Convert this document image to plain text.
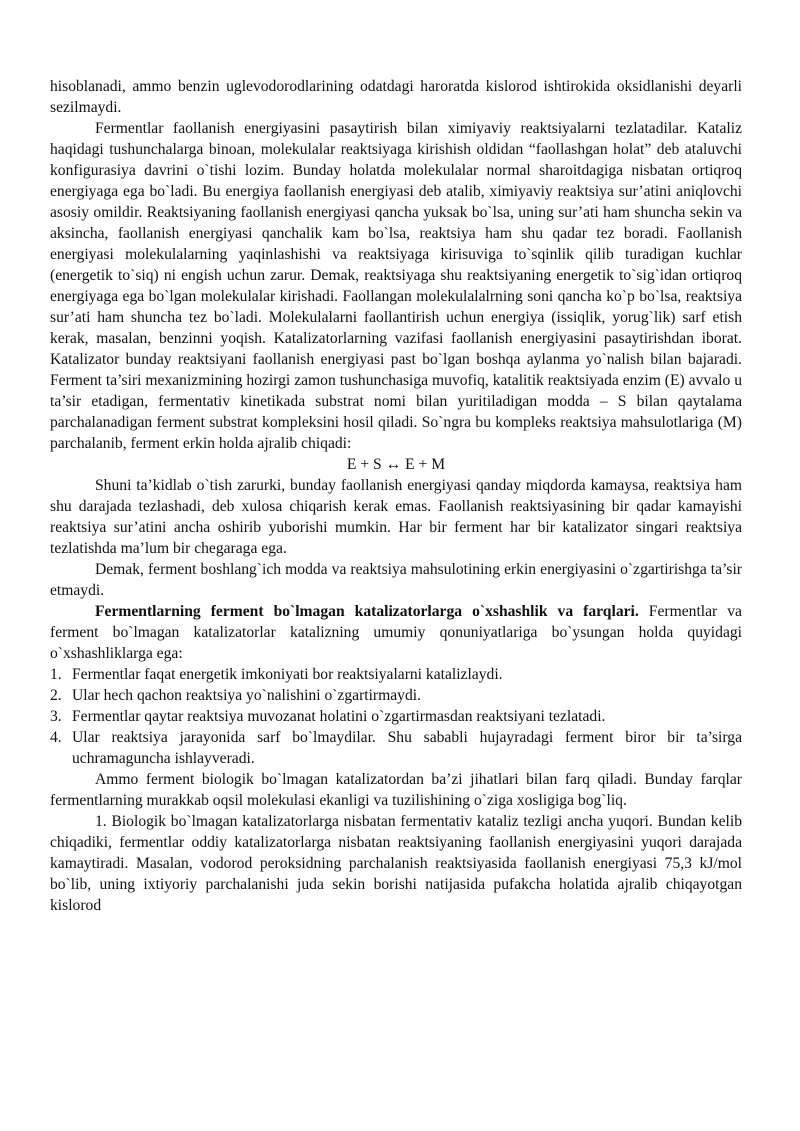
hisoblanadi, ammo benzin uglevodorodlarining odatdagi haroratda kislorod ishtirokida oksidlanishi deyarli sezilmaydi.

Fermentlar faollanish energiyasini pasaytirish bilan ximiyaviy reaktsiyalarni tezlatadilar. Kataliz haqidagi tushunchalarga binoan, molekulalar reaktsiyaga kirishish oldidan “faollashgan holat” deb ataluvchi konfigurasiya davrini o`tishi lozim. Bunday holatda molekulalar normal sharoitdagiga nisbatan ortiqroq energiyaga ega bo`ladi. Bu energiya faollanish energiyasi deb atalib, ximiyaviy reaktsiya sur’atini aniqlovchi asosiy omildir. Reaktsiyaning faollanish energiyasi qancha yuksak bo`lsa, uning sur’ati ham shuncha sekin va aksincha, faollanish energiyasi qanchalik kam bo`lsa, reaktsiya ham shu qadar tez boradi. Faollanish energiyasi molekulalarning yaqinlashishi va reaktsiyaga kirisuviga to`sqinlik qilib turadigan kuchlar (energetik to`siq) ni engish uchun zarur. Demak, reaktsiyaga shu reaktsiyaning energetik to`sig`idan ortiqroq energiyaga ega bo`lgan molekulalar kirishadi. Faollangan molekulalalrning soni qancha ko`p bo`lsa, reaktsiya sur’ati ham shuncha tez bo`ladi. Molekulalarni faollantirish uchun energiya (issiqlik, yorug`lik) sarf etish kerak, masalan, benzinni yoqish. Katalizatorlarning vazifasi faollanish energiyasini pasaytirishdan iborat. Katalizator bunday reaktsiyani faollanish energiyasi past bo`lgan boshqa aylanma yo`nalish bilan bajaradi. Ferment ta’siri mexanizmining hozirgi zamon tushunchasiga muvofiq, katalitik reaktsiyada enzim (E) avvalo u ta’sir etadigan, fermentativ kinetikada substrat nomi bilan yuritiladigan modda – S bilan qaytalama parchalanadigan ferment substrat kompleksini hosil qiladi. So`ngra bu kompleks reaktsiya mahsulotlariga (M) parchalanib, ferment erkin holda ajralib chiqadi:

E + S ↔ E + M

Shuni ta’kidlab o`tish zarurki, bunday faollanish energiyasi qanday miqdorda kamaysa, reaktsiya ham shu darajada tezlashadi, deb xulosa chiqarish kerak emas. Faollanish reaktsiyasining bir qadar kamayishi reaktsiya sur’atini ancha oshirib yuborishi mumkin. Har bir ferment har bir katalizator singari reaktsiya tezlatishda ma’lum bir chegaraga ega.

Demak, ferment boshlang`ich modda va reaktsiya mahsulotining erkin energiyasini o`zgartirishga ta’sir etmaydi.

Fermentlarning ferment bo`lmagan katalizatorlarga o`xshashlik va farqlari. Fermentlar va ferment bo`lmagan katalizatorlar katalizning umumiy qonuniyatlariga bo`ysungan holda quyidagi o`xshashliklarga ega:

1. Fermentlar faqat energetik imkoniyati bor reaktsiyalarni katalizlaydi.
2. Ular hech qachon reaktsiya yo`nalishini o`zgartirmaydi.
3. Fermentlar qaytar reaktsiya muvozanat holatini o`zgartirmasdan reaktsiyani tezlatadi.
4. Ular reaktsiya jarayonida sarf bo`lmaydilar. Shu sababli hujayradagi ferment biror bir ta’sirga uchramaguncha ishlayveradi.

Ammo ferment biologik bo`lmagan katalizatordan ba’zi jihatlari bilan farq qiladi. Bunday farqlar fermentlarning murakkab oqsil molekulasi ekanligi va tuzilishining o`ziga xosligiga bog`liq.

1. Biologik bo`lmagan katalizatorlarga nisbatan fermentativ kataliz tezligi ancha yuqori. Bundan kelib chiqadiki, fermentlar oddiy katalizatorlarga nisbatan reaktsiyaning faollanish energiyasini yuqori darajada kamaytiradi. Masalan, vodorod peroksidning parchalanish reaktsiyasida faollanish energiyasi 75,3 kJ/mol bo`lib, uning ixtiyoriy parchalanishi juda sekin borishi natijasida pufakcha holatida ajralib chiqayotgan kislorod
